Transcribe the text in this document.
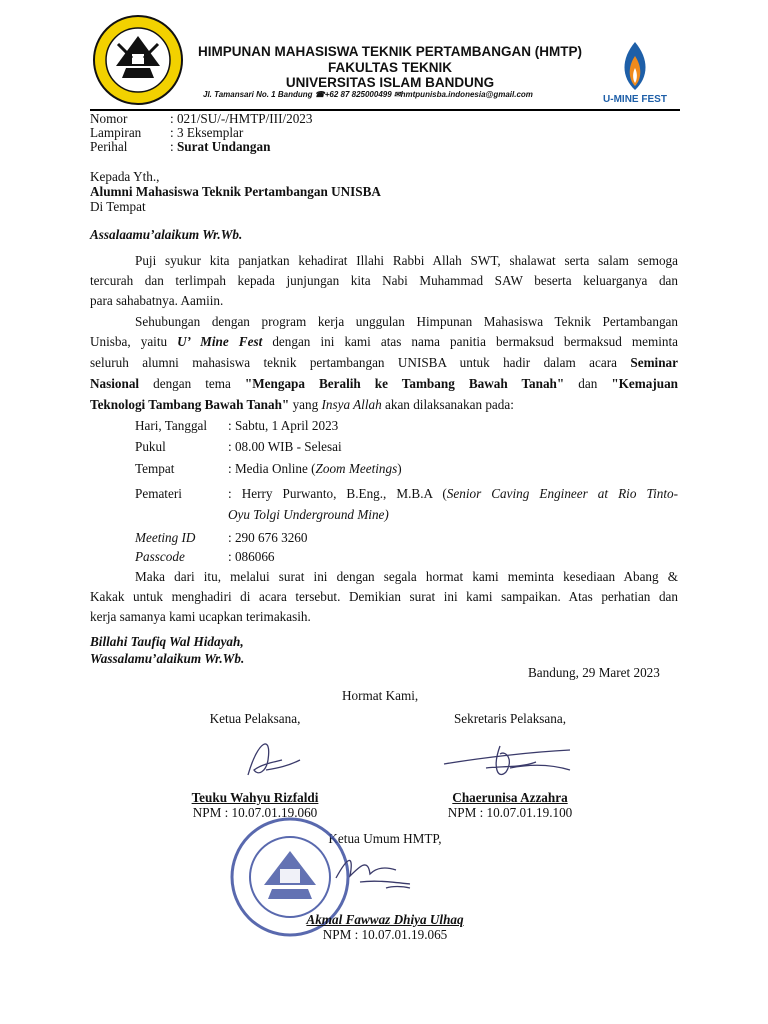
HIMPUNAN MAHASISWA TEKNIK PERTAMBANGAN (HMTP)
FAKULTAS TEKNIK
UNIVERSITAS ISLAM BANDUNG
Jl. Tamansari No. 1 Bandung ☎+62 87 825000499 ✉hmtpunisba.indonesia@gmail.com	U-MINE FEST
Nomor	: 021/SU/-/HMTP/III/2023
Lampiran : 3 Eksemplar
Perihal	: Surat Undangan
Kepada Yth.,
Alumni Mahasiswa Teknik Pertambangan UNISBA
Di Tempat
Assalaamu’alaikum Wr.Wb.
Puji syukur kita panjatkan kehadirat Illahi Rabbi Allah SWT, shalawat serta salam semoga
tercurah dan terlimpah kepada junjungan kita Nabi Muhammad SAW beserta keluarganya dan
para sahabatnya. Aamiin.
Sehubungan dengan program kerja unggulan Himpunan Mahasiswa Teknik Pertambangan
Unisba, yaitu U’ Mine Fest dengan ini kami atas nama panitia bermaksud bermaksud meminta
seluruh alumni mahasiswa teknik pertambangan UNISBA untuk hadir dalam acara Seminar
Nasional dengan tema "Mengapa Beralih ke Tambang Bawah Tanah" dan "Kemajuan
Teknologi Tambang Bawah Tanah" yang Insya Allah akan dilaksanakan pada:
Hari, Tanggal : Sabtu, 1 April 2023
Pukul	: 08.00 WIB - Selesai
Tempat	: Media Online (Zoom Meetings)
Pemateri	: Herry Purwanto, B.Eng., M.B.A (Senior Caving Engineer at Rio Tinto-
Oyu Tolgi Underground Mine)
Meeting ID : 290 676 3260
Passcode	: 086066
Maka dari itu, melalui surat ini dengan segala hormat kami meminta kesediaan Abang &
Kakak untuk menghadiri di acara tersebut. Demikian surat ini kami sampaikan. Atas perhatian dan
kerja samanya kami ucapkan terimakasih.
Billahi Taufiq Wal Hidayah,
Wassalamu’alaikum Wr.Wb.
Bandung, 29 Maret 2023
Hormat Kami,
Ketua Pelaksana,	Sekretaris Pelaksana,
Teuku Wahyu Rizfaldi
NPM : 10.07.01.19.060
Chaerunisa Azzahra
NPM : 10.07.01.19.100
Ketua Umum HMTP,
Akmal Fawwaz Dhiya Ulhaq
NPM : 10.07.01.19.065
